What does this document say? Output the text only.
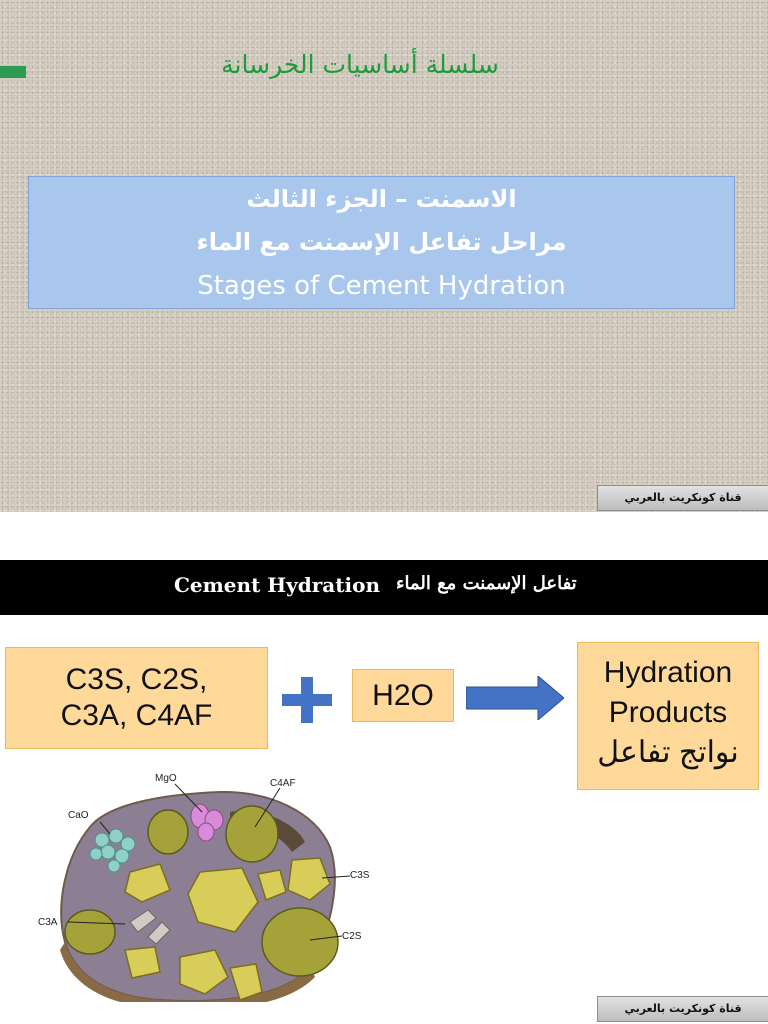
سلسلة أساسيات الخرسانة
الاسمنت – الجزء الثالث
مراحل تفاعل الإسمنت مع الماء
Stages of Cement Hydration
قناة كونكريت بالعربي
Cement Hydration تفاعل الإسمنت مع الماء
C3S, C2S,
C3A, C4AF
H2O
Hydration
Products
نواتج تفاعل
MgO	C4AF
CaO
C3S
C3A
C2S
قناة كونكريت بالعربي
